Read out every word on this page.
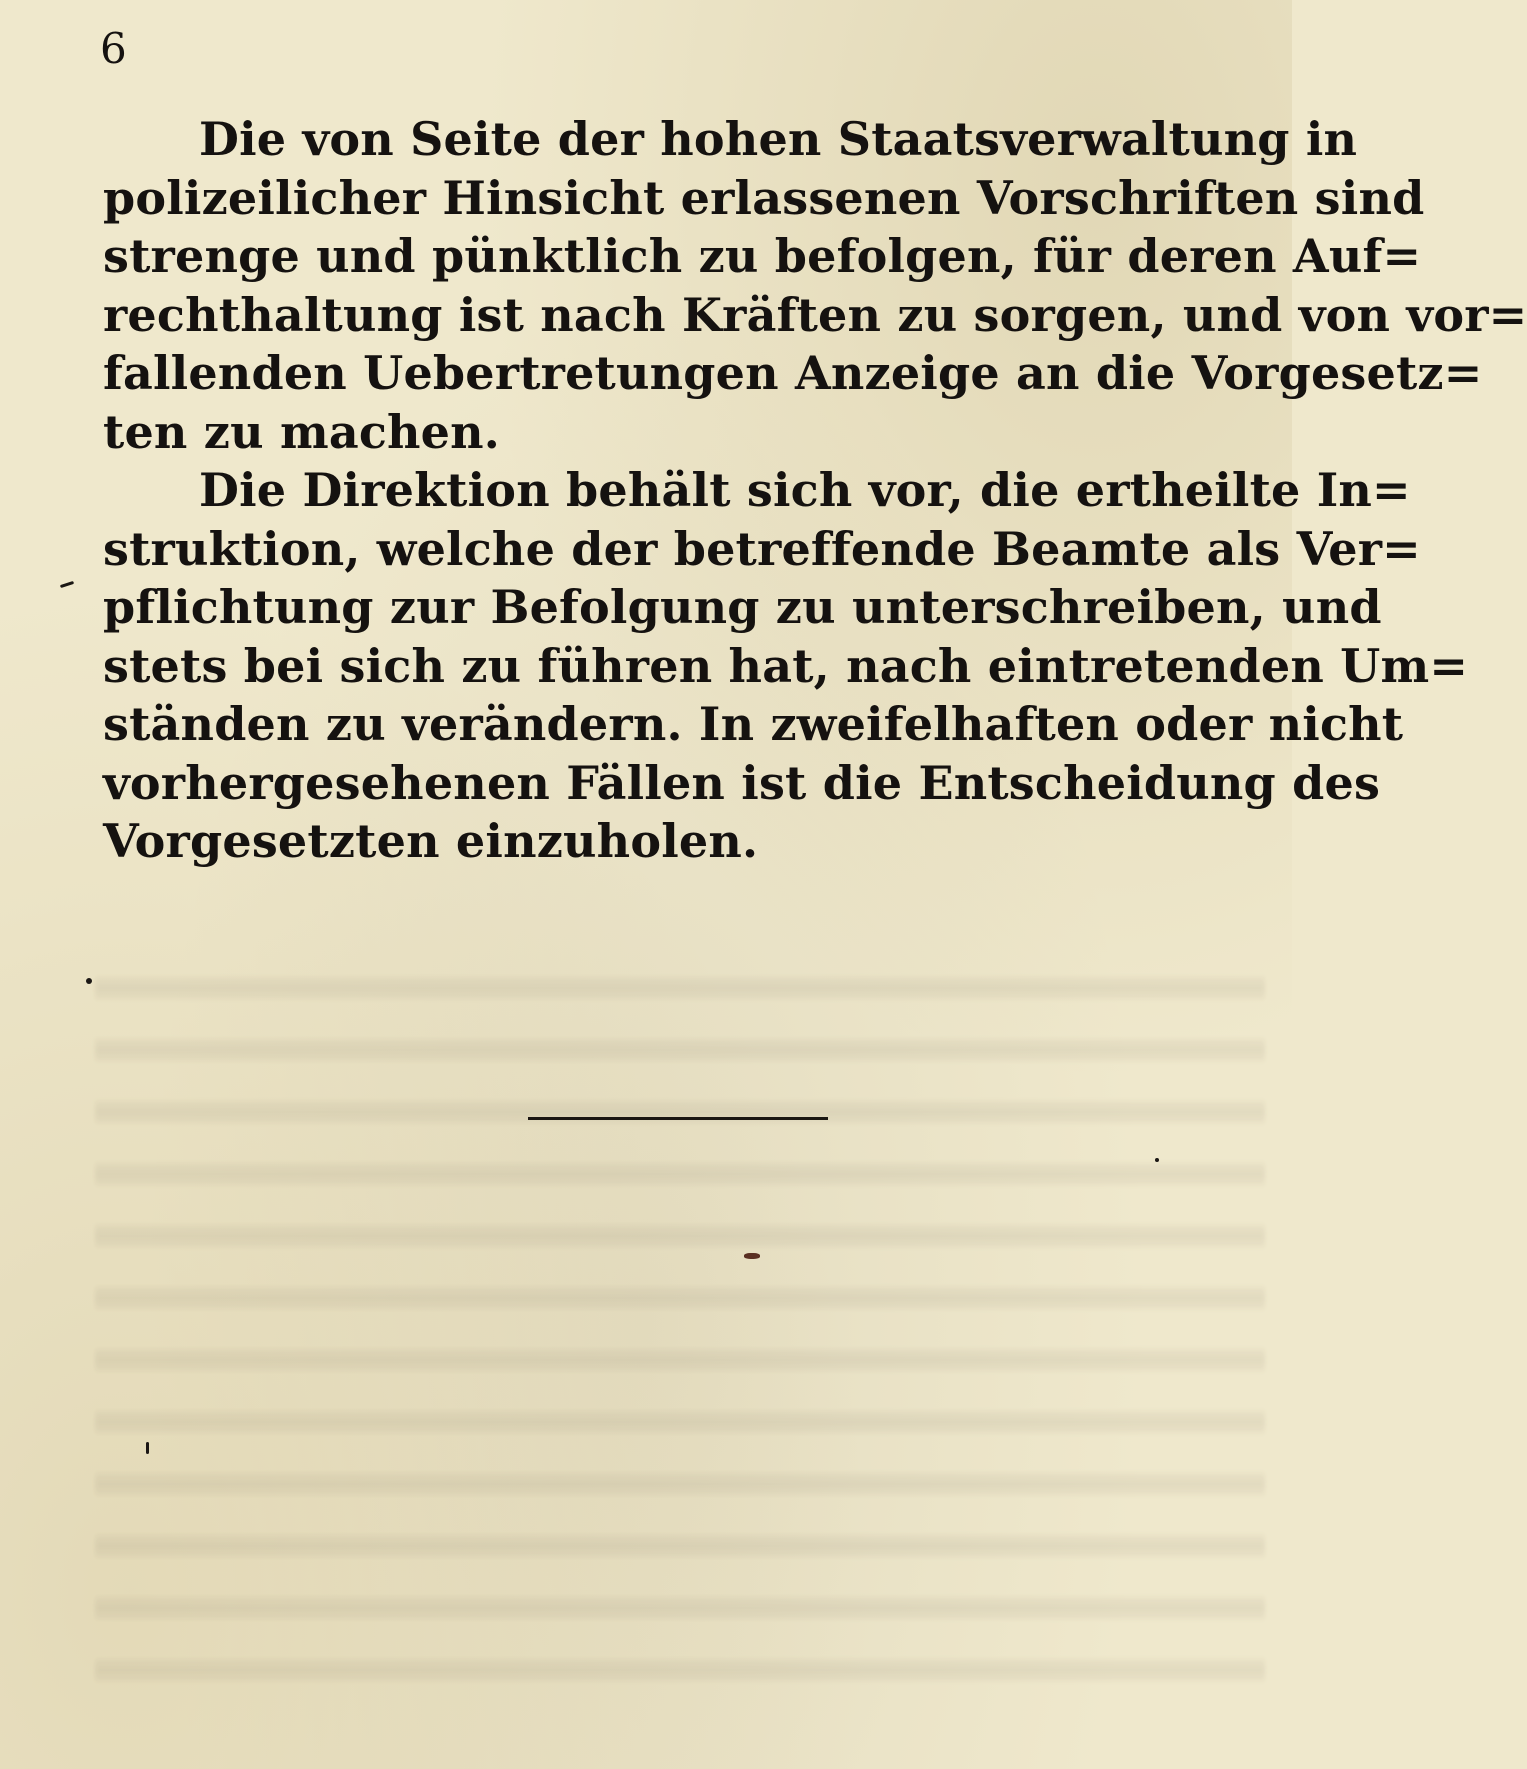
6

Die von Seite der hohen Staatsverwaltung in
polizeilicher Hinsicht erlassenen Vorschriften sind
strenge und pünktlich zu befolgen, für deren Auf=
rechthaltung ist nach Kräften zu sorgen, und von vor=
fallenden Uebertretungen Anzeige an die Vorgesetz=
ten zu machen.

Die Direktion behält sich vor, die ertheilte In=
struktion, welche der betreffende Beamte als Ver=
pflichtung zur Befolgung zu unterschreiben, und
stets bei sich zu führen hat, nach eintretenden Um=
ständen zu verändern. In zweifelhaften oder nicht
vorhergesehenen Fällen ist die Entscheidung des
Vorgesetzten einzuholen.
